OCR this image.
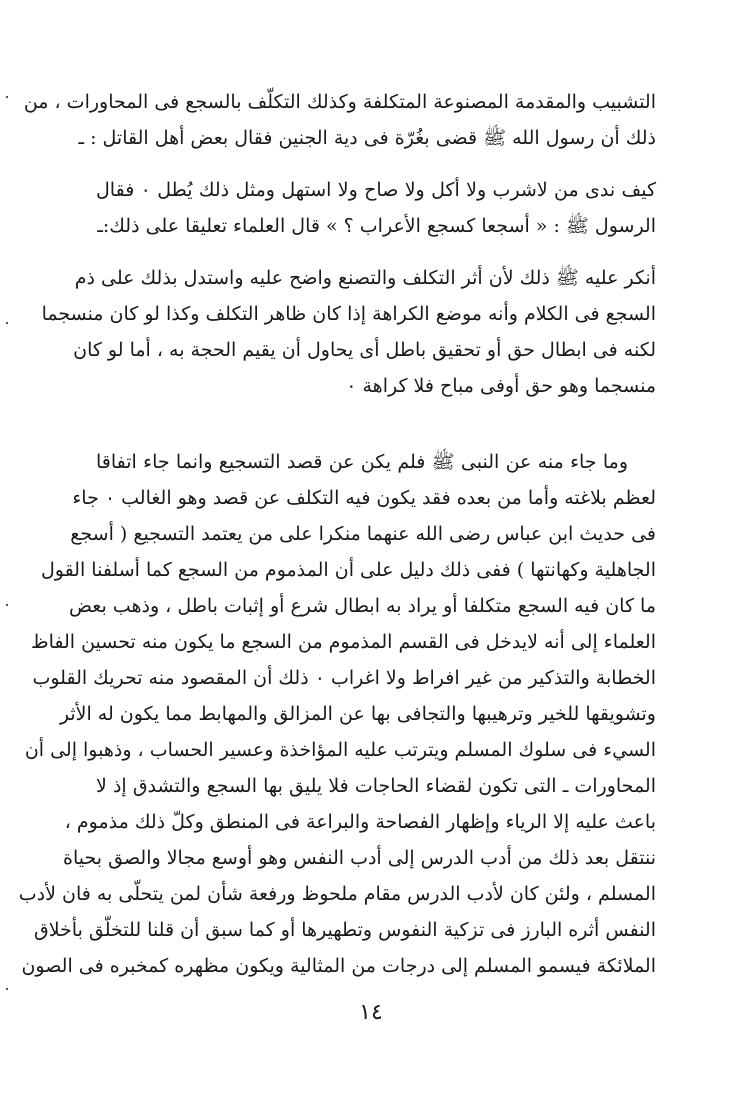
التشبيب والمقدمة المصنوعة المتكلفة وكذلك التكلّف بالسجع فى المحاورات ، من
ذلك أن رسول الله ﷺ قضى بغُرّة فى دية الجنين فقال بعض أهل القاتل : ـ
كيف ندى من لاشرب ولا أكل ولا صاح ولا استهل ومثل ذلك يُطل ٠ فقال
الرسول ﷺ : « أسجعا كسجع الأعراب ؟ » قال العلماء تعليقا على ذلك:ـ
أنكر عليه ﷺ ذلك لأن أثر التكلف والتصنع واضح عليه واستدل بذلك على ذم
السجع فى الكلام وأنه موضع الكراهة إذا كان ظاهر التكلف وكذا لو كان منسجما
لكنه فى ابطال حق أو تحقيق باطل أى يحاول أن يقيم الحجة به ، أما لو كان
منسجما وهو حق أوفى مباح فلا كراهة ٠
وما جاء منه عن النبى ﷺ فلم يكن عن قصد التسجيع وانما جاء اتفاقا
لعظم بلاغته وأما من بعده فقد يكون فيه التكلف عن قصد وهو الغالب ٠ جاء
فى حديث ابن عباس رضى الله عنهما منكرا على من يعتمد التسجيع ( أسجع
الجاهلية وكهانتها ) ففى ذلك دليل على أن المذموم من السجع كما أسلفنا القول
ما كان فيه السجع متكلفا أو يراد به ابطال شرع أو إثبات باطل ، وذهب بعض
العلماء إلى أنه لايدخل فى القسم المذموم من السجع ما يكون منه تحسين الفاظ
الخطابة والتذكير من غير افراط ولا اغراب ٠ ذلك أن المقصود منه تحريك القلوب
وتشويقها للخير وترهيبها والتجافى بها عن المزالق والمهابط مما يكون له الأثر
السيء فى سلوك المسلم ويترتب عليه المؤاخذة وعسير الحساب ، وذهبوا إلى أن
المحاورات ـ التى تكون لقضاء الحاجات فلا يليق بها السجع والتشدق إذ لا
باعث عليه إلا الرياء وإظهار الفصاحة والبراعة فى المنطق وكلّ ذلك مذموم ،
ننتقل بعد ذلك من أدب الدرس إلى أدب النفس وهو أوسع مجالا والصق بحياة
المسلم ، ولئن كان لأدب الدرس مقام ملحوظ ورفعة شأن لمن يتحلّى به فان لأدب
النفس أثره البارز فى تزكية النفوس وتطهيرها أو كما سبق أن قلنا للتخلّق بأخلاق
الملائكة فيسمو المسلم إلى درجات من المثالية ويكون مظهره كمخبره فى الصون
١٤
